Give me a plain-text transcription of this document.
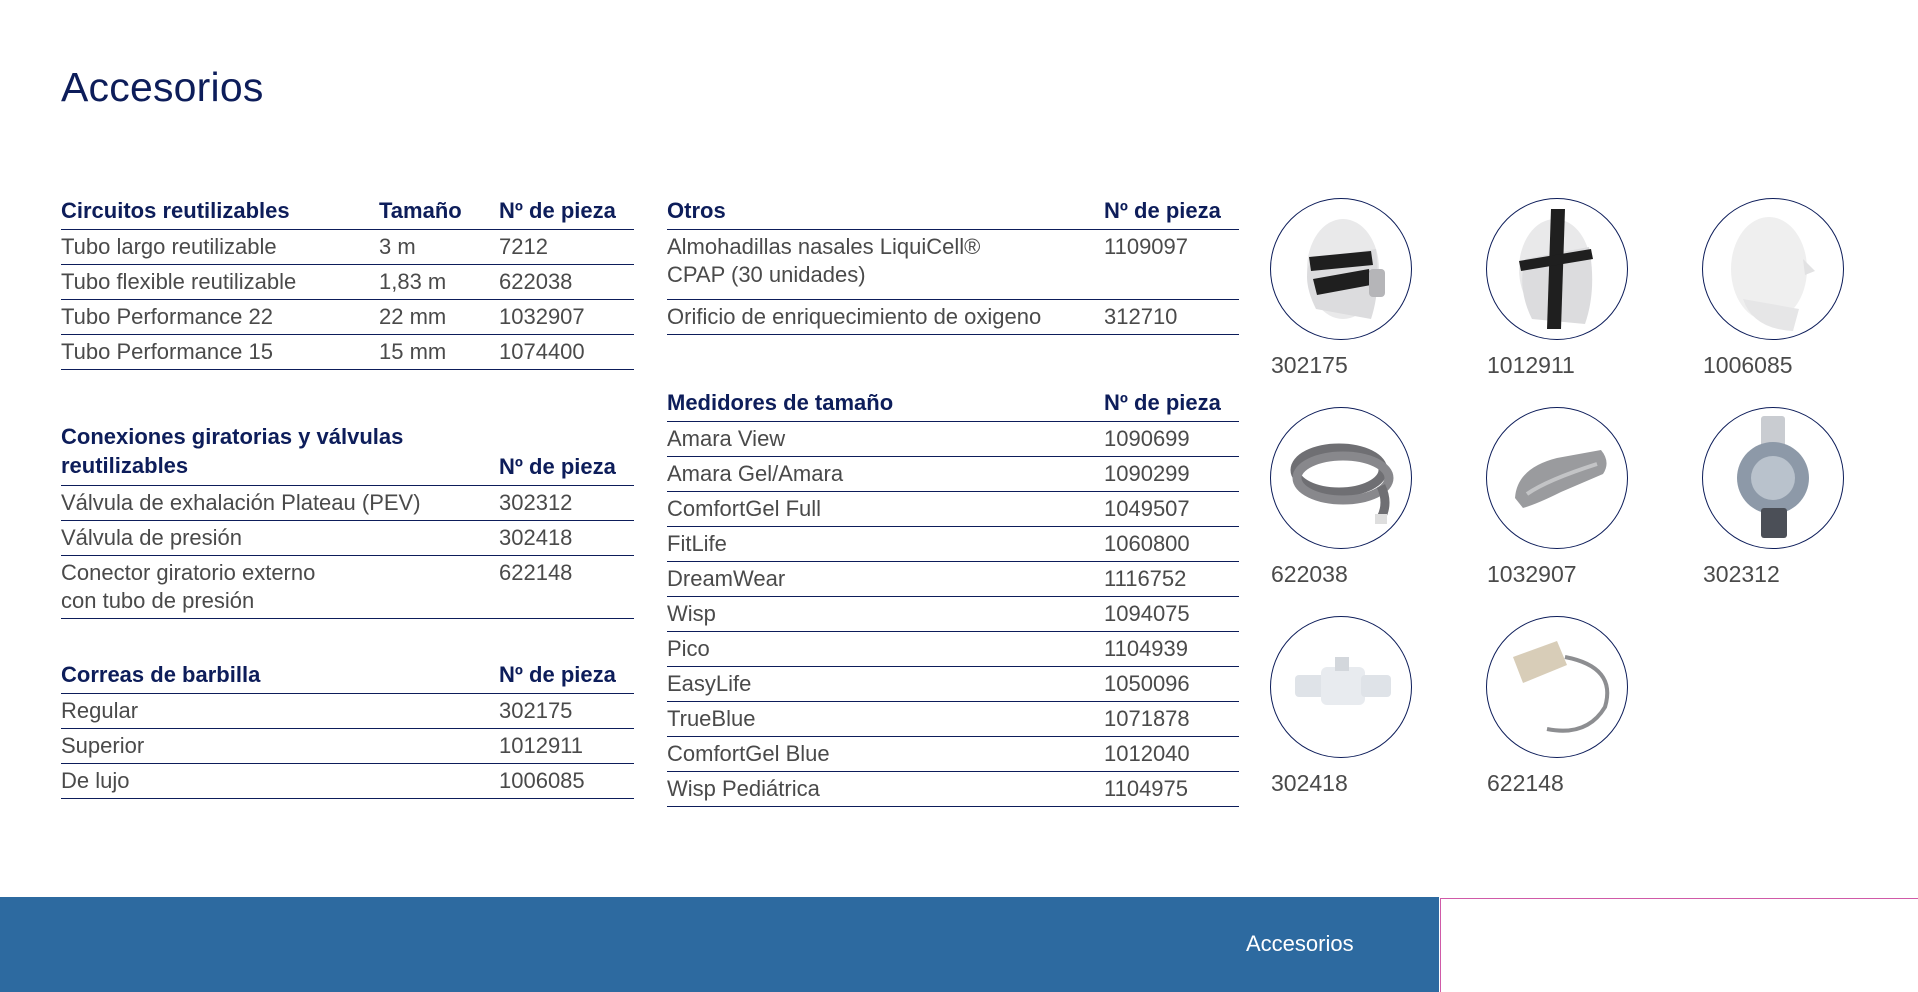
Accesorios
Circuitos reutilizables	Tamaño	Nº de pieza
Tubo largo reutilizable	3 m	7212
Tubo flexible reutilizable	1,83 m	622038
Tubo Performance 22	22 mm	1032907
Tubo Performance 15	15 mm	1074400
Conexiones giratorias y válvulas reutilizables	Nº de pieza
Válvula de exhalación Plateau (PEV)	302312
Válvula de presión	302418
Conector giratorio externo con tubo de presión	622148
Correas de barbilla	Nº de pieza
Regular	302175
Superior	1012911
De lujo	1006085
Otros	Nº de pieza
Almohadillas nasales LiquiCell® CPAP (30 unidades)	1109097
Orificio de enriquecimiento de oxigeno	312710
Medidores de tamaño	Nº de pieza
Amara View	1090699
Amara Gel/Amara	1090299
ComfortGel Full	1049507
FitLife	1060800
DreamWear	1116752
Wisp	1094075
Pico	1104939
EasyLife	1050096
TrueBlue	1071878
ComfortGel Blue	1012040
Wisp Pediátrica	1104975
302175	1012911	1006085
622038	1032907	302312
302418	622148
Accesorios
